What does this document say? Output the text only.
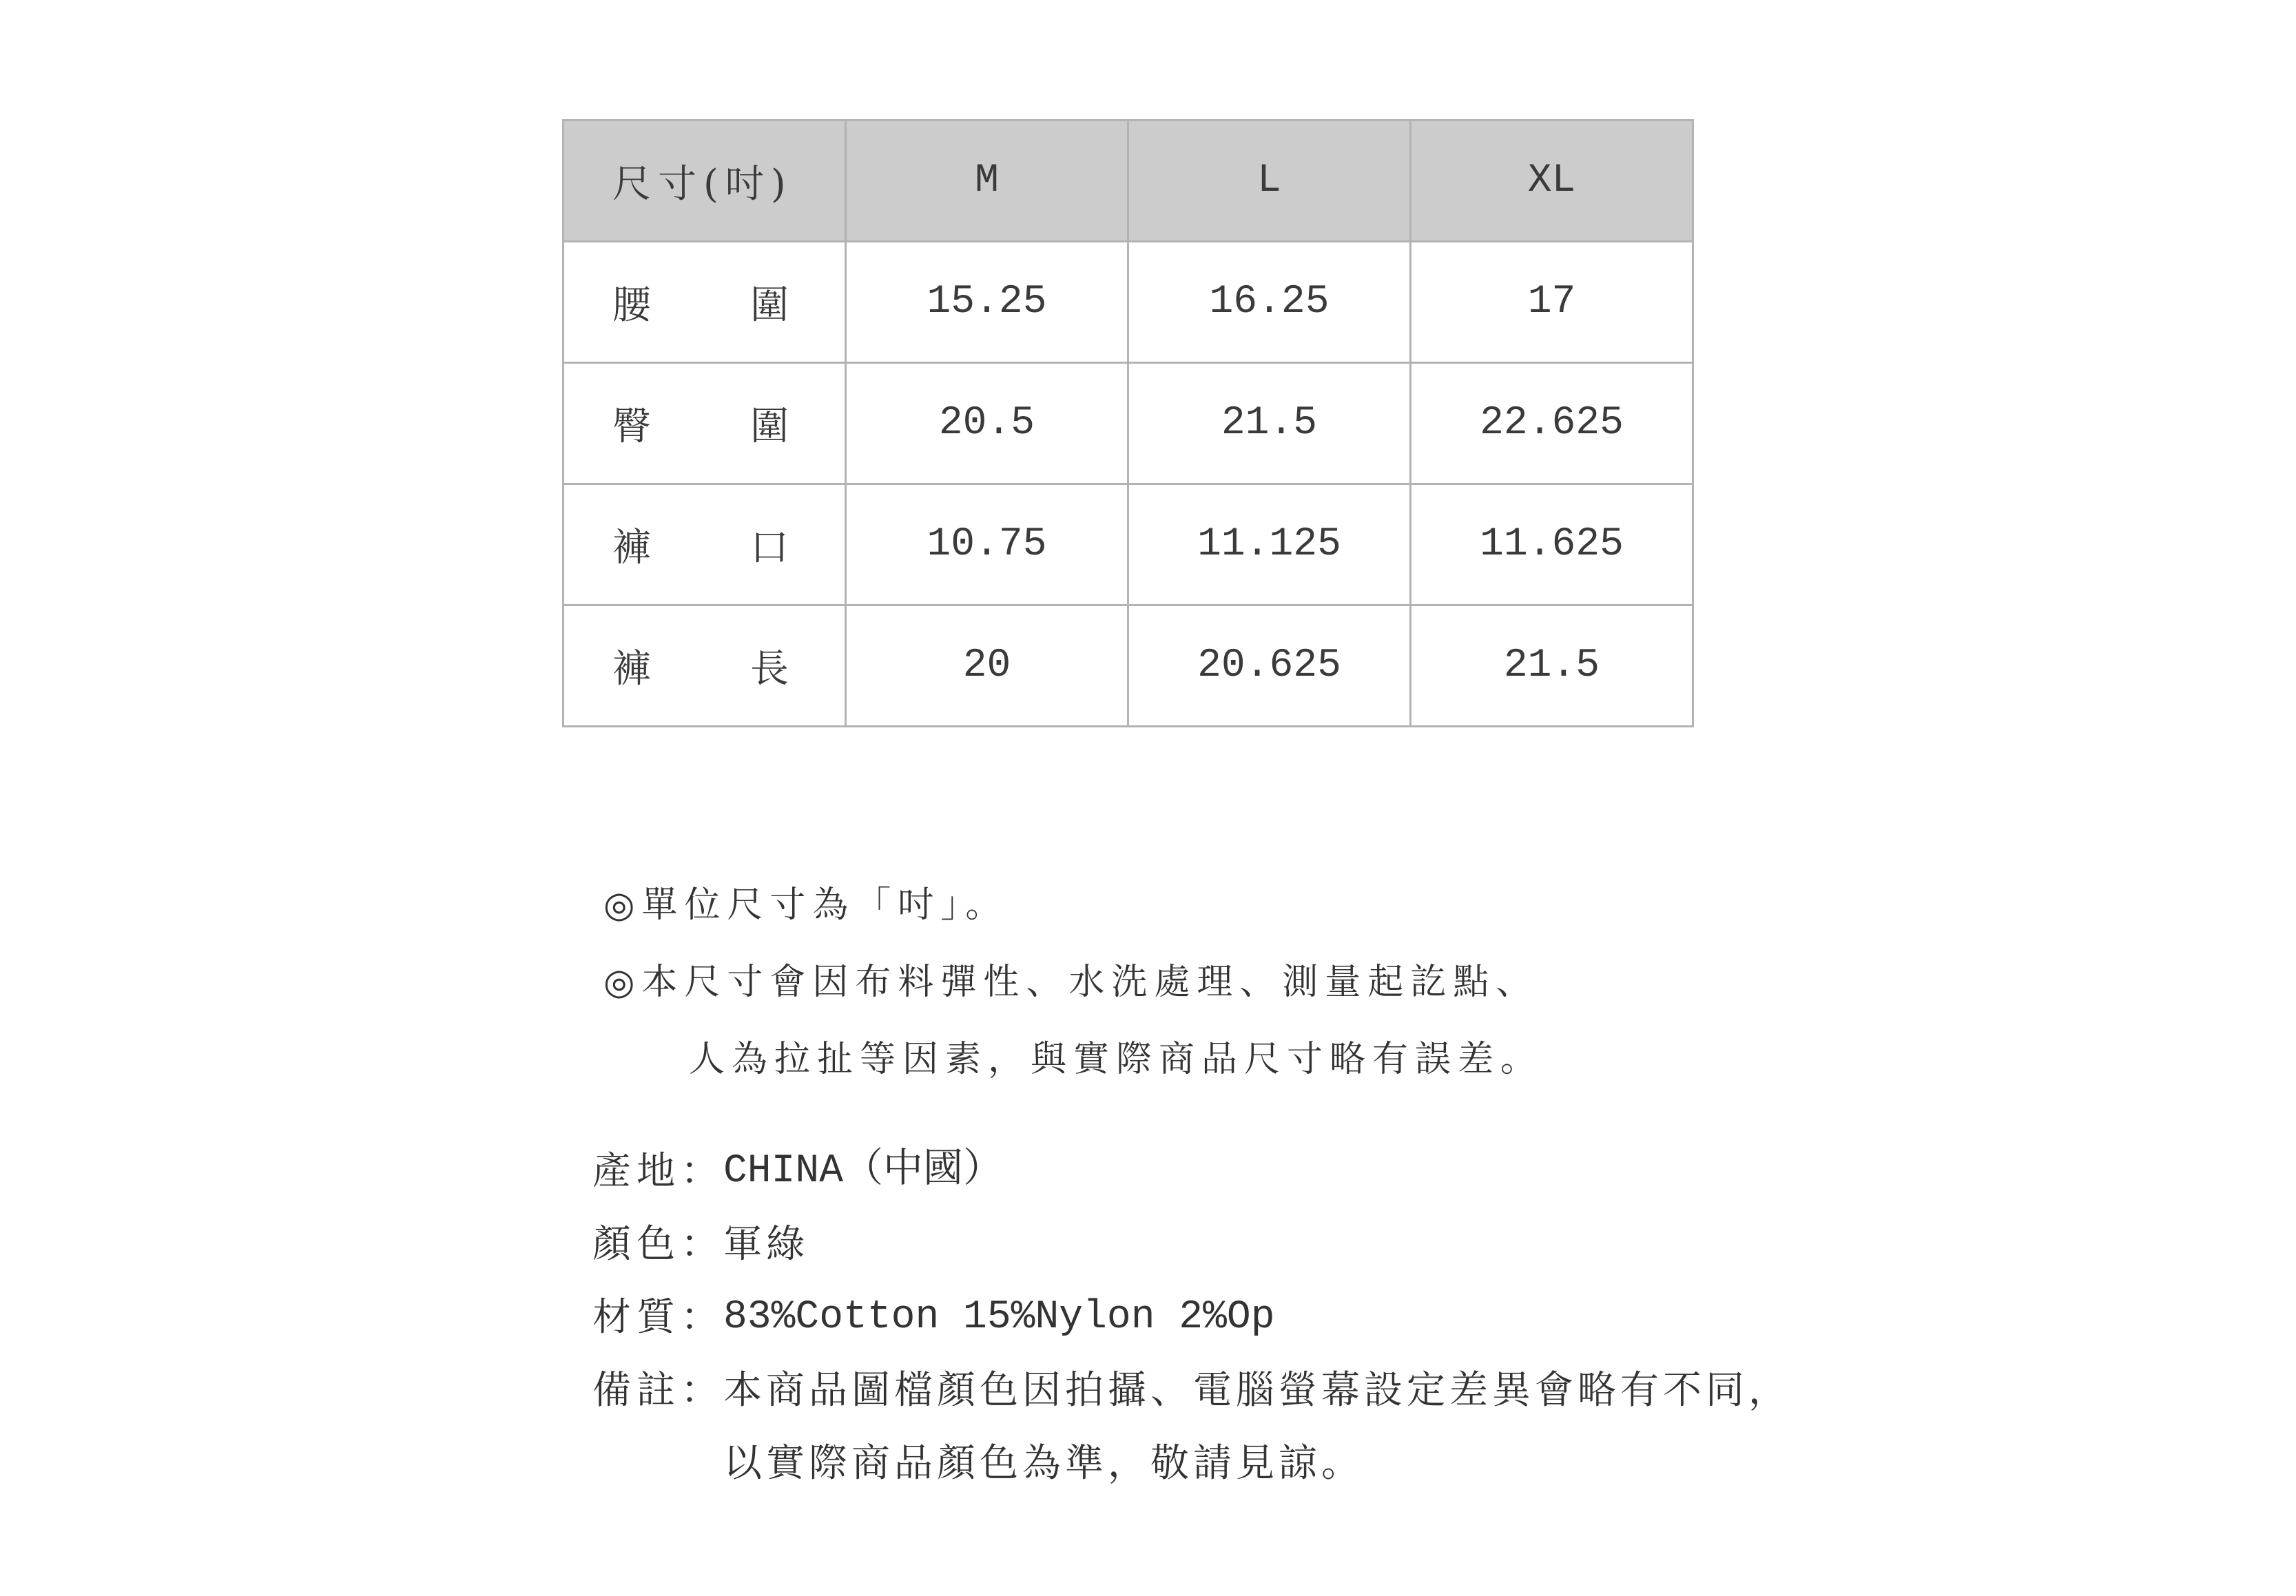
尺寸(吋)	M	L	XL

腰 圍	15.25	16.25	17

臀 圍	20.5	21.5	22.625

褲 口	10.75	11.125	11.625

褲 長	20	20.625	21.5
◎單位尺寸為「吋」。
◎本尺寸會因布料彈性、水洗處理、測量起訖點、
人為拉扯等因素，與實際商品尺寸略有誤差。
產地：
CHINA（中國）
顏色：
軍綠
材質：
83%Cotton 15%Nylon 2%Op
備註：
本商品圖檔顏色因拍攝、電腦螢幕設定差異會略有不同，
以實際商品顏色為準，敬請見諒。
